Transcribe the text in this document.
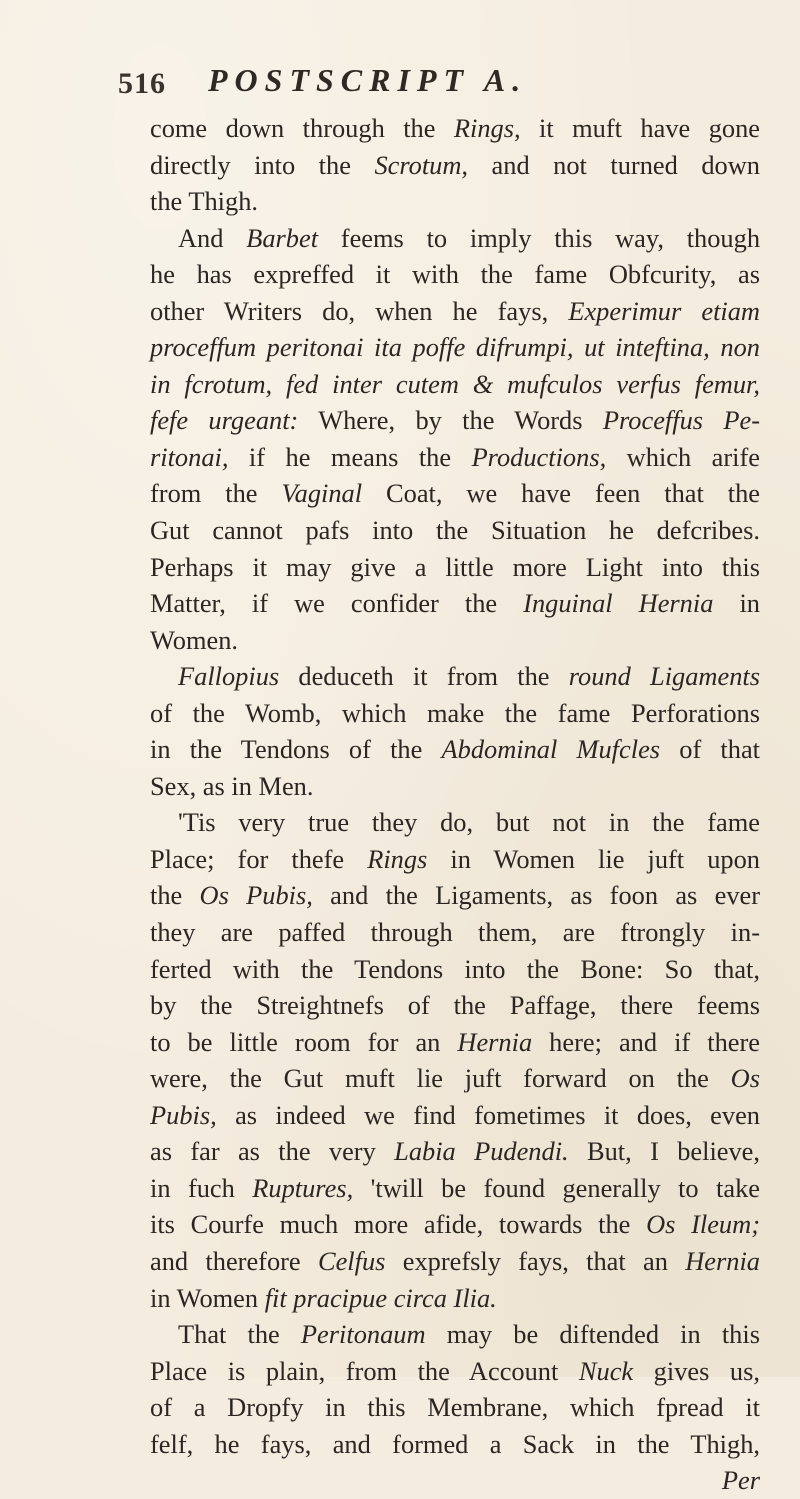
516 POSTSCRIPT A.
come down through the Rings, it muft have gone
directly into the Scrotum, and not turned down
the Thigh.
And Barbet feems to imply this way, though
he has expreffed it with the fame Obfcurity, as
other Writers do, when he fays, Experimur etiam
proceffum peritonai ita poffe difrumpi, ut inteftina, non
in fcrotum, fed inter cutem & mufculos verfus femur,
fefe urgeant: Where, by the Words Proceffus Pe-
ritonai, if he means the Productions, which arife
from the Vaginal Coat, we have feen that the
Gut cannot pafs into the Situation he defcribes.
Perhaps it may give a little more Light into this
Matter, if we confider the Inguinal Hernia in
Women.
Fallopius deduceth it from the round Ligaments
of the Womb, which make the fame Perforations
in the Tendons of the Abdominal Mufcles of that
Sex, as in Men.
'Tis very true they do, but not in the fame
Place; for thefe Rings in Women lie juft upon
the Os Pubis, and the Ligaments, as foon as ever
they are paffed through them, are ftrongly in-
ferted with the Tendons into the Bone: So that,
by the Streightnefs of the Paffage, there feems
to be little room for an Hernia here; and if there
were, the Gut muft lie juft forward on the Os
Pubis, as indeed we find fometimes it does, even
as far as the very Labia Pudendi. But, I believe,
in fuch Ruptures, 'twill be found generally to take
its Courfe much more afide, towards the Os Ileum;
and therefore Celfus exprefsly fays, that an Hernia
in Women fit pracipue circa Ilia.
That the Peritonaum may be diftended in this
Place is plain, from the Account Nuck gives us,
of a Dropfy in this Membrane, which fpread it
felf, he fays, and formed a Sack in the Thigh,
Per
